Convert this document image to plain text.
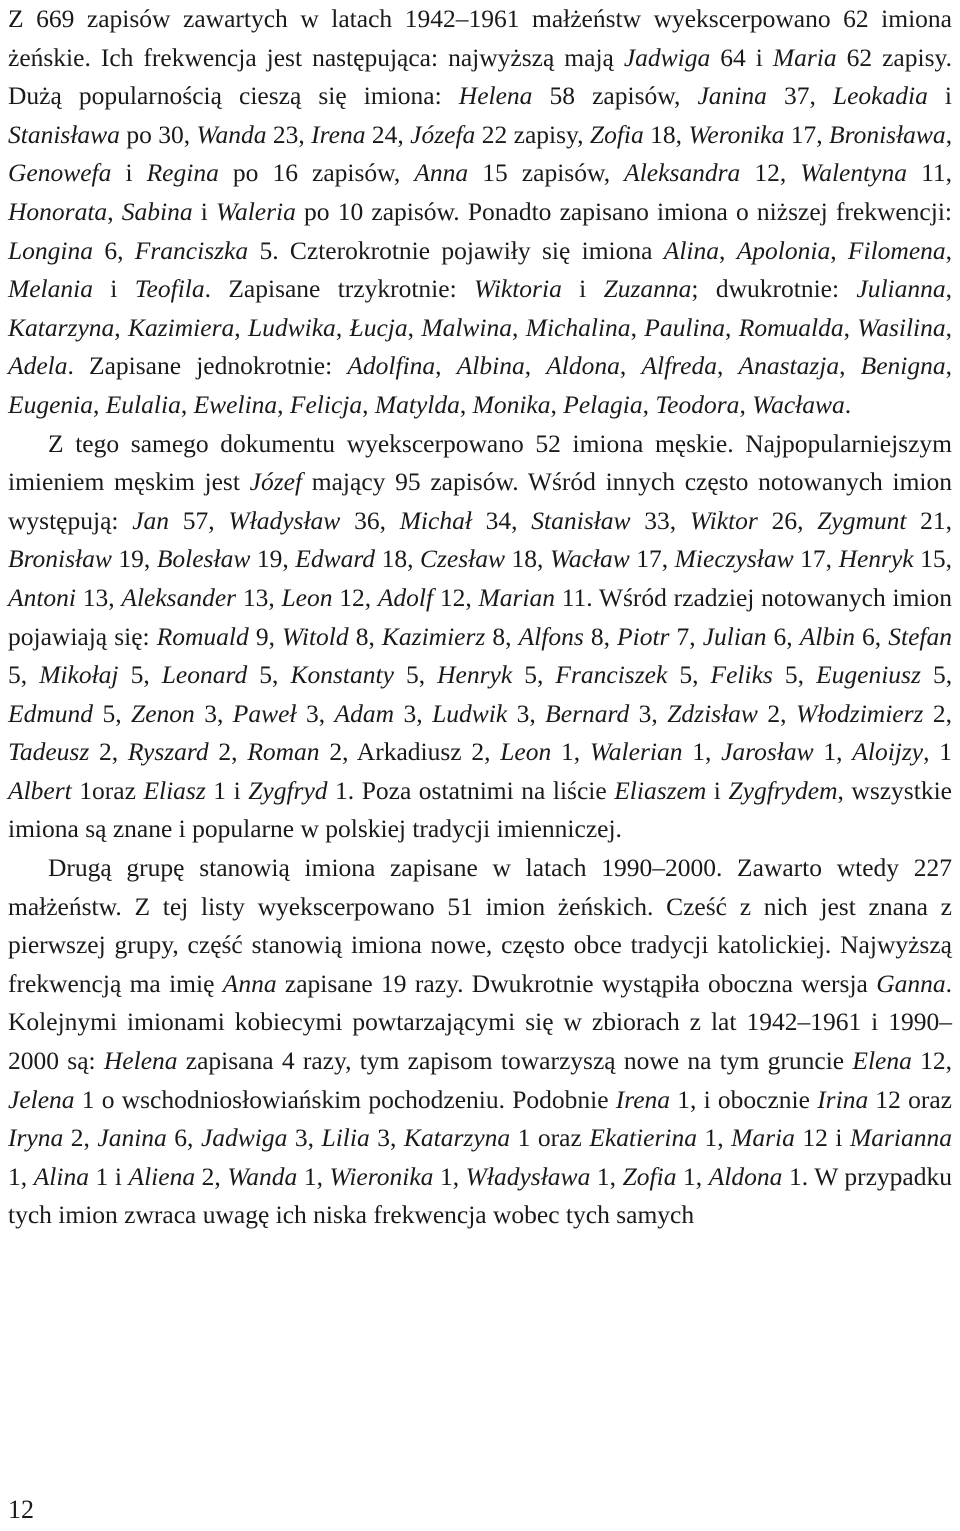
Z 669 zapisów zawartych w latach 1942–1961 małżeństw wyekscerpowano 62 imiona żeńskie. Ich frekwencja jest następująca: najwyższą mają Jadwiga 64 i Maria 62 zapisy. Dużą popularnością cieszą się imiona: Helena 58 zapisów, Janina 37, Leokadia i Stanisława po 30, Wanda 23, Irena 24, Józefa 22 zapisy, Zofia 18, Weronika 17, Bronisława, Genowefa i Regina po 16 zapisów, Anna 15 zapisów, Aleksandra 12, Walentyna 11, Honorata, Sabina i Waleria po 10 zapisów. Ponadto zapisano imiona o niższej frekwencji: Longina 6, Franciszka 5. Czterokrotnie pojawiły się imiona Alina, Apolonia, Filomena, Melania i Teofila. Zapisane trzykrotnie: Wiktoria i Zuzanna; dwukrotnie: Julianna, Katarzyna, Kazimiera, Ludwika, Łucja, Malwina, Michalina, Paulina, Romualda, Wasilina, Adela. Zapisane jednokrotnie: Adolfina, Albina, Aldona, Alfreda, Anastazja, Benigna, Eugenia, Eulalia, Ewelina, Felicja, Matylda, Monika, Pelagia, Teodora, Wacława.

Z tego samego dokumentu wyekscerpowano 52 imiona męskie. Najpopularniejszym imieniem męskim jest Józef mający 95 zapisów. Wśród innych często notowanych imion występują: Jan 57, Władysław 36, Michał 34, Stanisław 33, Wiktor 26, Zygmunt 21, Bronisław 19, Bolesław 19, Edward 18, Czesław 18, Wacław 17, Mieczysław 17, Henryk 15, Antoni 13, Aleksander 13, Leon 12, Adolf 12, Marian 11. Wśród rzadziej notowanych imion pojawiają się: Romuald 9, Witold 8, Kazimierz 8, Alfons 8, Piotr 7, Julian 6, Albin 6, Stefan 5, Mikołaj 5, Leonard 5, Konstanty 5, Henryk 5, Franciszek 5, Feliks 5, Eugeniusz 5, Edmund 5, Zenon 3, Paweł 3, Adam 3, Ludwik 3, Bernard 3, Zdzisław 2, Włodzimierz 2, Tadeusz 2, Ryszard 2, Roman 2, Arkadiusz 2, Leon 1, Walerian 1, Jarosław 1, Aloijzy, 1 Albert 1oraz Eliasz 1 i Zygfryd 1. Poza ostatnimi na liście Eliaszem i Zygfrydem, wszystkie imiona są znane i popularne w polskiej tradycji imienniczej.

Drugą grupę stanowią imiona zapisane w latach 1990–2000. Zawarto wtedy 227 małżeństw. Z tej listy wyekscerpowano 51 imion żeńskich. Cześć z nich jest znana z pierwszej grupy, część stanowią imiona nowe, często obce tradycji katolickiej. Najwyższą frekwencją ma imię Anna zapisane 19 razy. Dwukrotnie wystąpiła oboczna wersja Ganna. Kolejnymi imionami kobiecymi powtarzającymi się w zbiorach z lat 1942–1961 i 1990–2000 są: Helena zapisana 4 razy, tym zapisom towarzyszą nowe na tym gruncie Elena 12, Jelena 1 o wschodniosłowiańskim pochodzeniu. Podobnie Irena 1, i obocznie Irina 12 oraz Iryna 2, Janina 6, Jadwiga 3, Lilia 3, Katarzyna 1 oraz Ekatierina 1, Maria 12 i Marianna 1, Alina 1 i Aliena 2, Wanda 1, Wieronika 1, Władysława 1, Zofia 1, Aldona 1. W przypadku tych imion zwraca uwagę ich niska frekwencja wobec tych samych

12
